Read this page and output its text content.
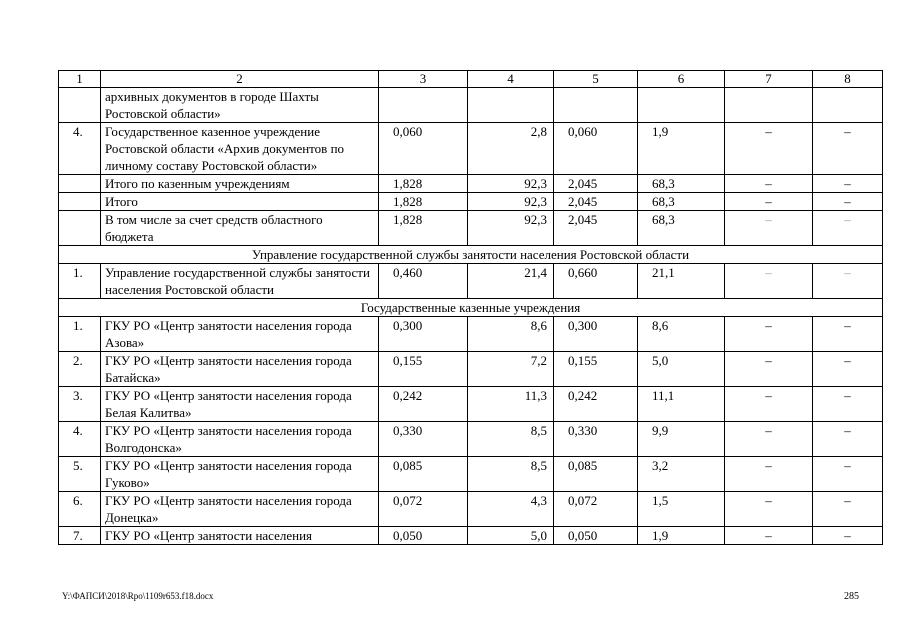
1	2	3	4	5	6	7	8
	архивных документов в городе Шахты Ростовской области»						
4.	Государственное казенное учреждение Ростовской области «Архив документов по личному составу Ростовской области»	0,060	2,8	0,060	1,9	–	–
	Итого по казенным учреждениям	1,828	92,3	2,045	68,3	–	–
	Итого	1,828	92,3	2,045	68,3	–	–
	В том числе за счет средств областного бюджета	1,828	92,3	2,045	68,3	–	–
Управление государственной службы занятости населения Ростовской области							
1.	Управление государственной службы занятости населения Ростовской области	0,460	21,4	0,660	21,1	–	–
Государственные казенные учреждения							
1.	ГКУ РО «Центр занятости населения города Азова»	0,300	8,6	0,300	8,6	–	–
2.	ГКУ РО «Центр занятости населения города Батайска»	0,155	7,2	0,155	5,0	–	–
3.	ГКУ РО «Центр занятости населения города Белая Калитва»	0,242	11,3	0,242	11,1	–	–
4.	ГКУ РО «Центр занятости населения города Волгодонска»	0,330	8,5	0,330	9,9	–	–
5.	ГКУ РО «Центр занятости населения города Гуково»	0,085	8,5	0,085	3,2	–	–
6.	ГКУ РО «Центр занятости населения города Донецка»	0,072	4,3	0,072	1,5	–	–
7.	ГКУ РО «Центр занятости населения	0,050	5,0	0,050	1,9	–	–
Y:\ФАПСИ\2018\Rpo\1109r653.f18.docx	285
